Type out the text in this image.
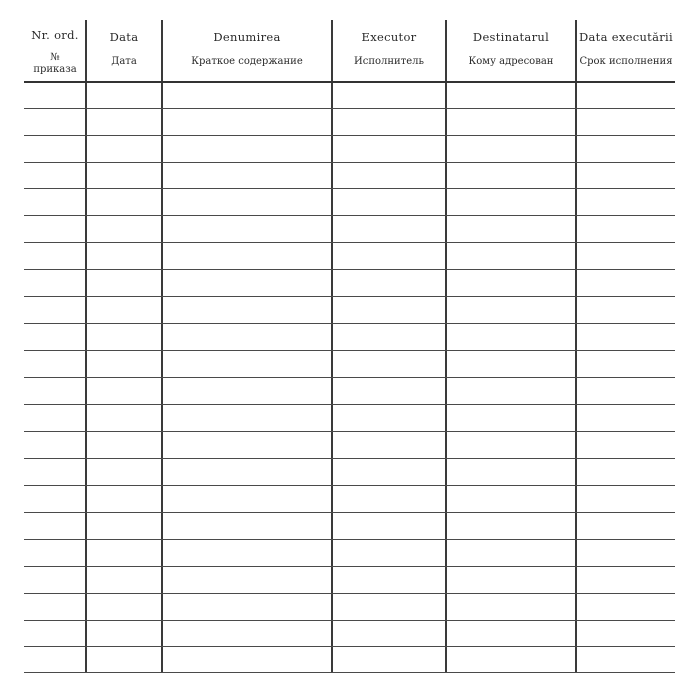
Nr. ord.
№
приказа
Data
Дата
Denumirea
Краткое содержание
Executor
Исполнитель
Destinatarul
Кому адресован
Data executării
Срок исполнения
